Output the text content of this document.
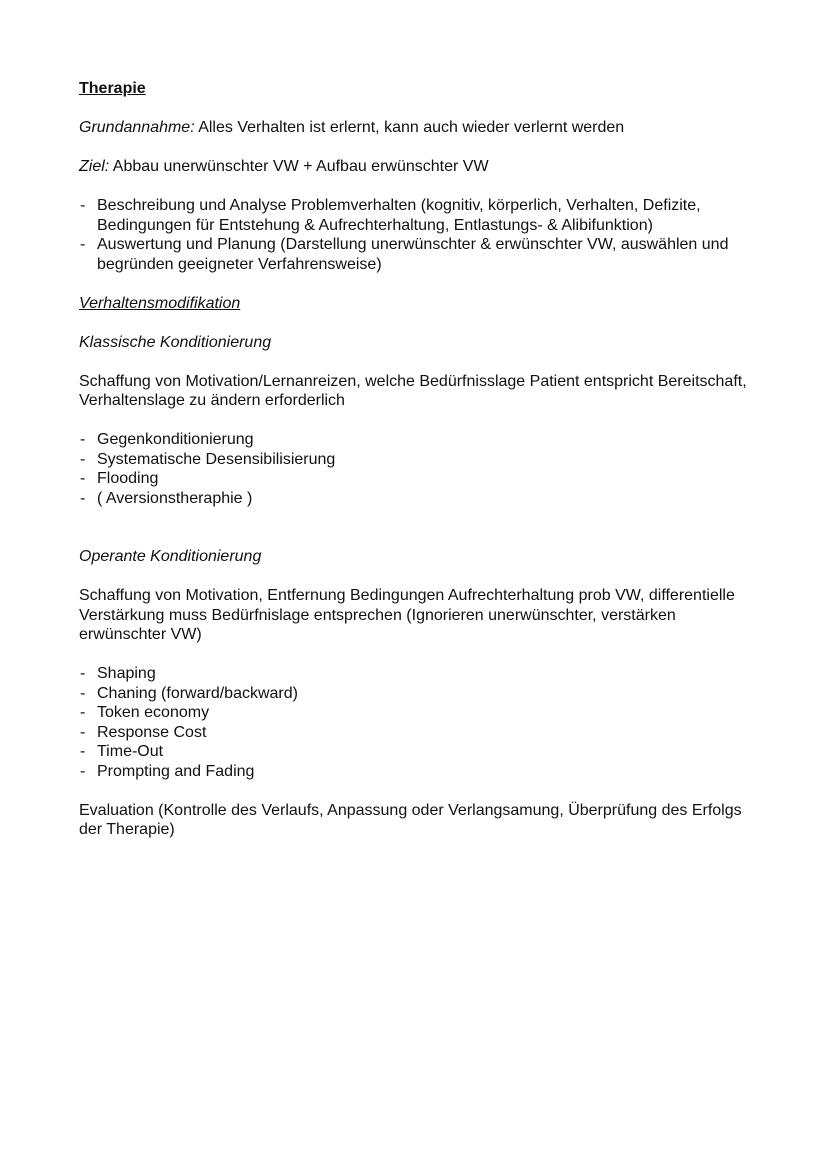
Therapie

Grundannahme: Alles Verhalten ist erlernt, kann auch wieder verlernt werden

Ziel: Abbau unerwünschter VW + Aufbau erwünschter VW

- Beschreibung und Analyse Problemverhalten (kognitiv, körperlich, Verhalten, Defizite, Bedingungen für Entstehung & Aufrechterhaltung, Entlastungs- & Alibifunktion)
- Auswertung und Planung (Darstellung unerwünschter & erwünschter VW, auswählen und begründen geeigneter Verfahrensweise)

Verhaltensmodifikation

Klassische Konditionierung

Schaffung von Motivation/Lernanreizen, welche Bedürfnisslage Patient entspricht Bereitschaft, Verhaltenslage zu ändern erforderlich

- Gegenkonditionierung
- Systematische Desensibilisierung
- Flooding
- ( Aversionstheraphie )

Operante Konditionierung

Schaffung von Motivation, Entfernung Bedingungen Aufrechterhaltung prob VW, differentielle Verstärkung muss Bedürfnislage entsprechen (Ignorieren unerwünschter, verstärken erwünschter VW)

- Shaping
- Chaning (forward/backward)
- Token economy
- Response Cost
- Time-Out
- Prompting and Fading

Evaluation (Kontrolle des Verlaufs, Anpassung oder Verlangsamung, Überprüfung des Erfolgs der Therapie)
